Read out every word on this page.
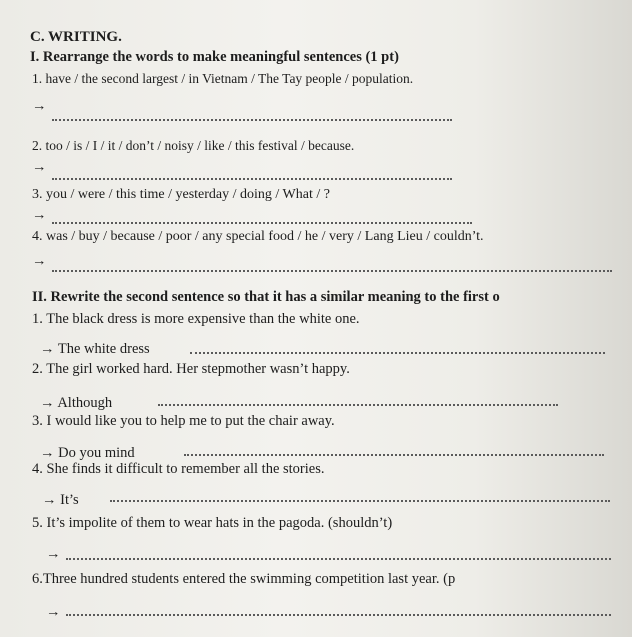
C. WRITING.
I. Rearrange the words to make meaningful sentences (1 pt)
1. have / the second largest / in Vietnam / The Tay people / population.
→
2. too / is / I / it / don’t / noisy / like / this festival / because.
→
3. you / were / this time / yesterday / doing / What / ?
→
4. was / buy / because / poor / any special food / he / very / Lang Lieu / couldn’t.
→
II. Rewrite the second sentence so that it has a similar meaning to the first o
1. The black dress is more expensive than the white one.
→ The white dress
2. The girl worked hard. Her stepmother wasn’t happy.
→ Although
3. I would like you to help me to put the chair away.
→ Do you mind
4. She finds it difficult to remember all the stories.
→ It’s
5. It’s impolite of them to wear hats in the pagoda. (shouldn’t)
→
6.Three hundred students entered the swimming competition last year. (p
→
